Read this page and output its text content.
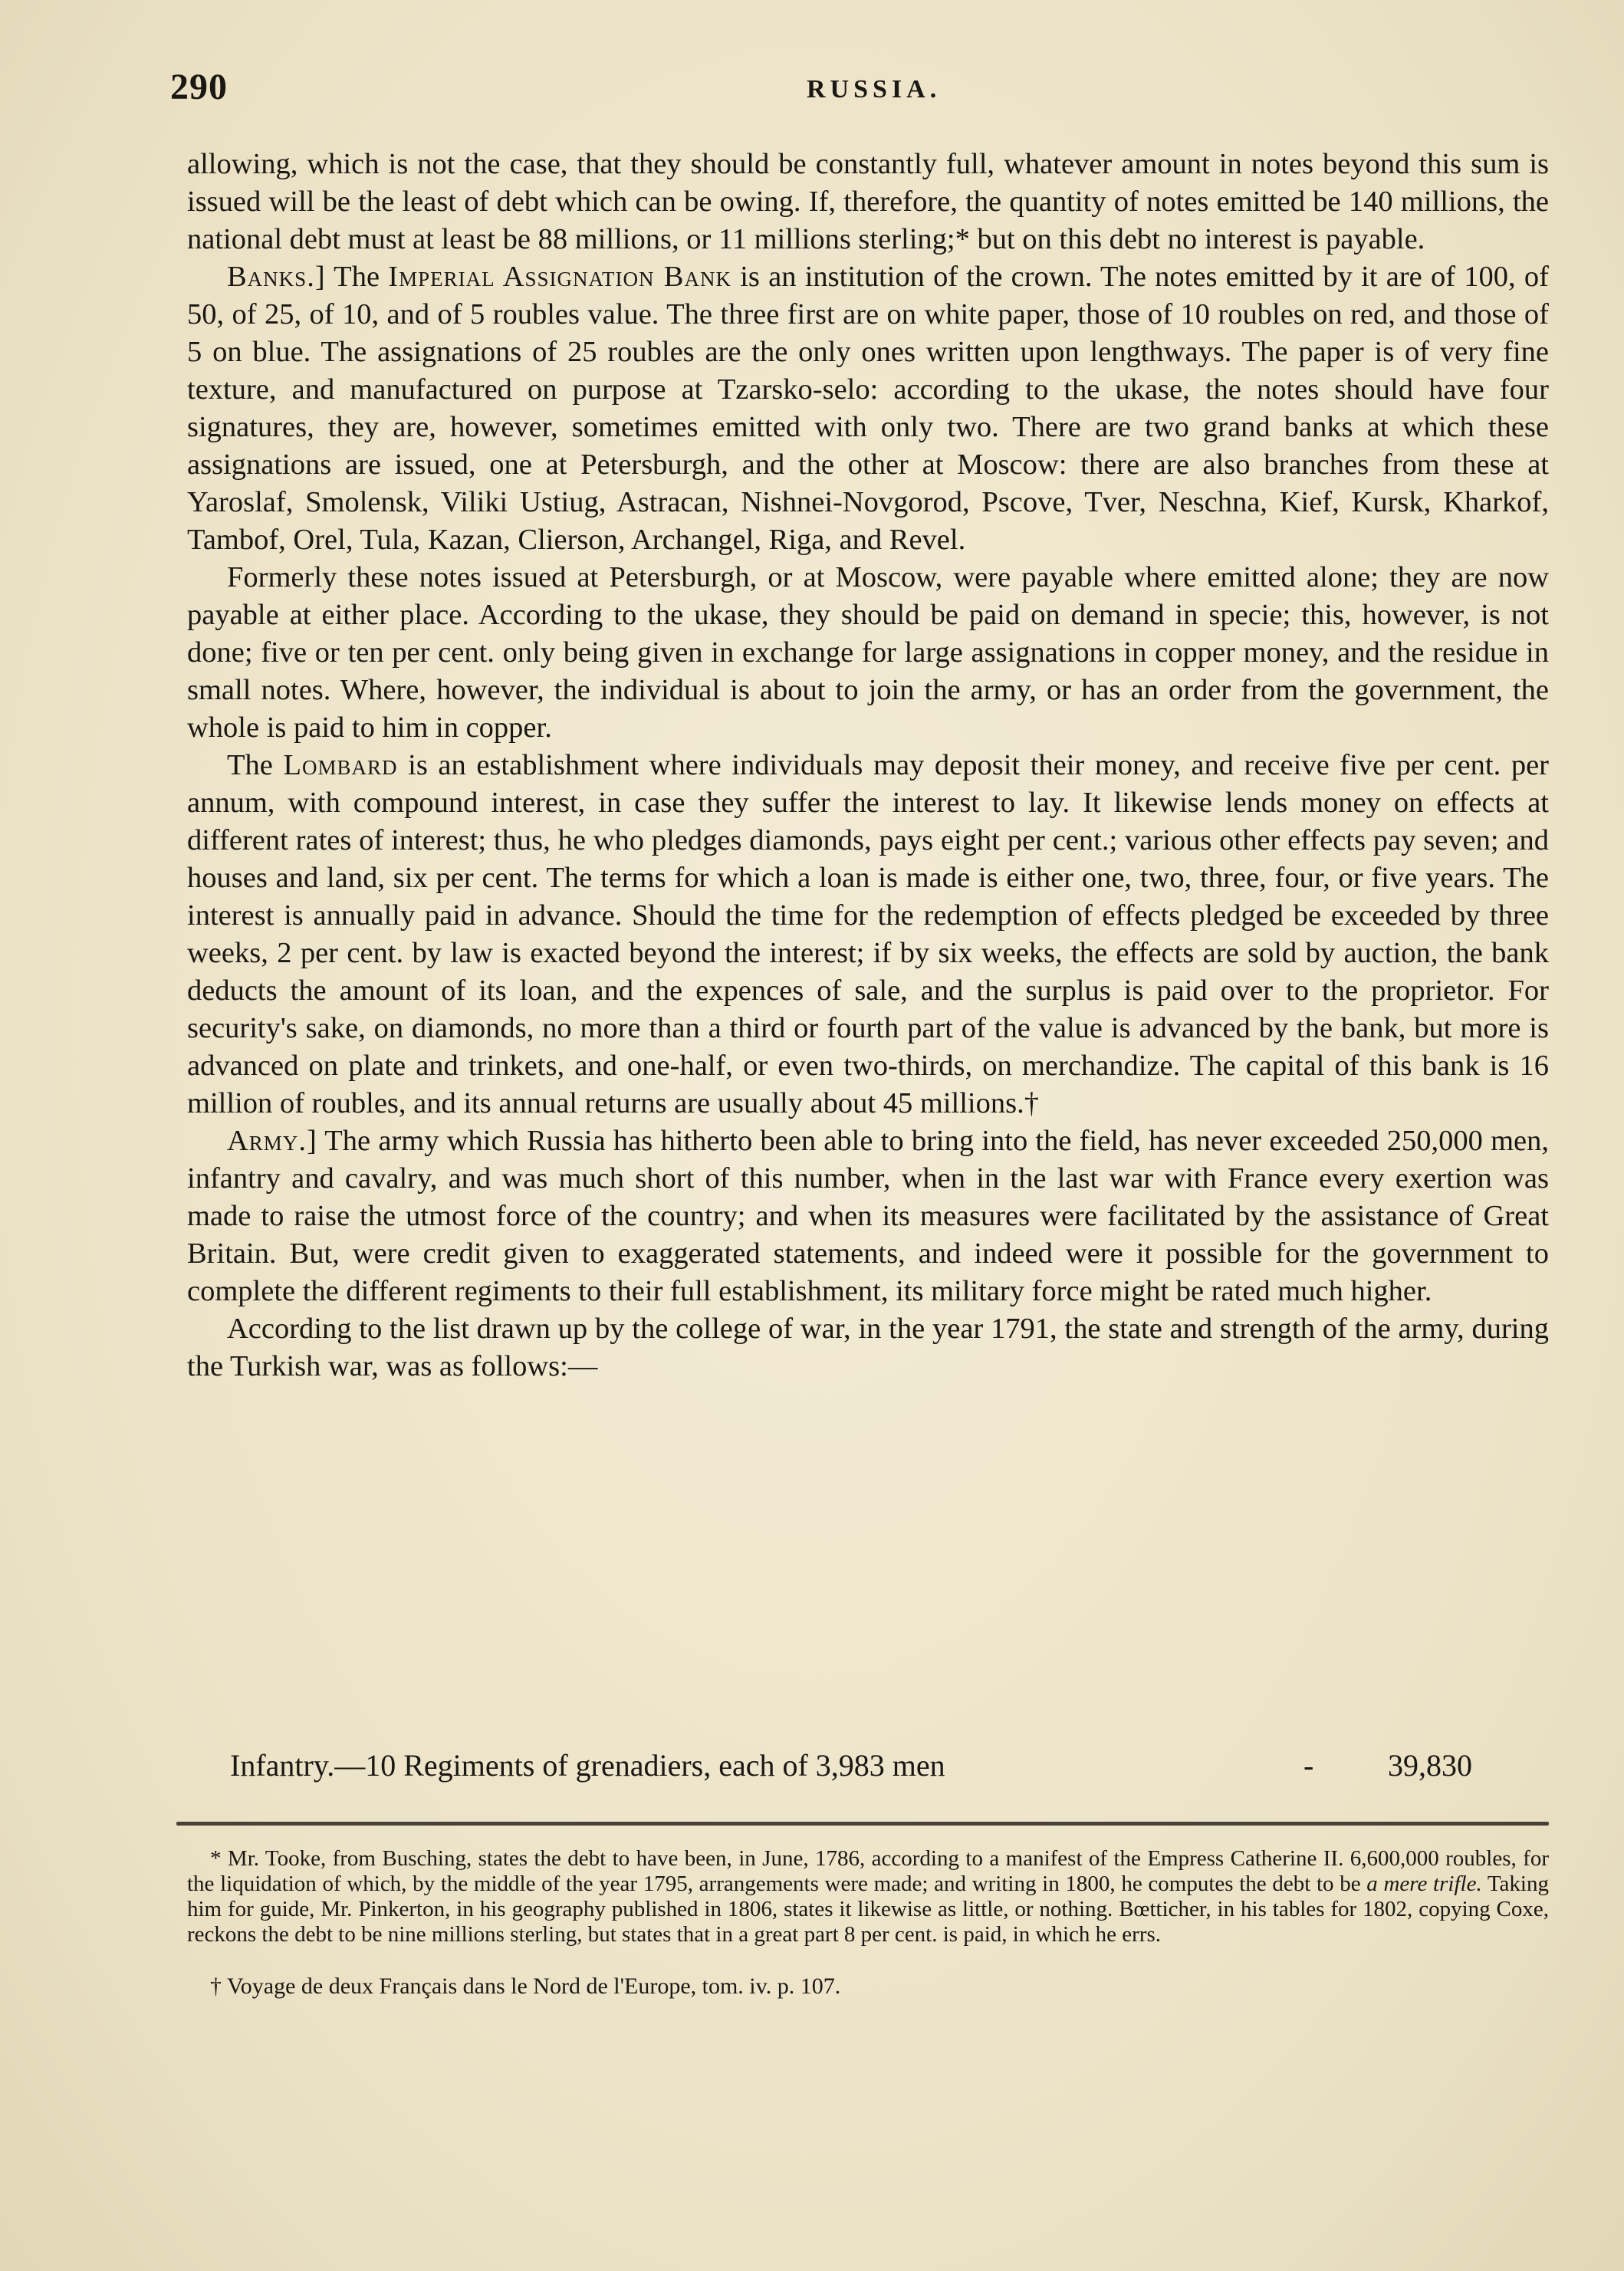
290	RUSSIA.

allowing, which is not the case, that they should be constantly full, whatever amount in notes beyond this sum is issued will be the least of debt which can be owing. If, therefore, the quantity of notes emitted be 140 millions, the national debt must at least be 88 millions, or 11 millions sterling;* but on this debt no interest is payable.

Banks.] The Imperial Assignation Bank is an institution of the crown. The notes emitted by it are of 100, of 50, of 25, of 10, and of 5 roubles value. The three first are on white paper, those of 10 roubles on red, and those of 5 on blue. The assignations of 25 roubles are the only ones written upon lengthways. The paper is of very fine texture, and manufactured on purpose at Tzarsko-selo: according to the ukase, the notes should have four signatures, they are, however, sometimes emitted with only two. There are two grand banks at which these assignations are issued, one at Petersburgh, and the other at Moscow: there are also branches from these at Yaroslaf, Smolensk, Viliki Ustiug, Astracan, Nishnei-Novgorod, Pscove, Tver, Neschna, Kief, Kursk, Kharkof, Tambof, Orel, Tula, Kazan, Clierson, Archangel, Riga, and Revel.

Formerly these notes issued at Petersburgh, or at Moscow, were payable where emitted alone; they are now payable at either place. According to the ukase, they should be paid on demand in specie; this, however, is not done; five or ten per cent. only being given in exchange for large assignations in copper money, and the residue in small notes. Where, however, the individual is about to join the army, or has an order from the government, the whole is paid to him in copper.

The Lombard is an establishment where individuals may deposit their money, and receive five per cent. per annum, with compound interest, in case they suffer the interest to lay. It likewise lends money on effects at different rates of interest; thus, he who pledges diamonds, pays eight per cent.; various other effects pay seven; and houses and land, six per cent. The terms for which a loan is made is either one, two, three, four, or five years. The interest is annually paid in advance. Should the time for the redemption of effects pledged be exceeded by three weeks, 2 per cent. by law is exacted beyond the interest; if by six weeks, the effects are sold by auction, the bank deducts the amount of its loan, and the expences of sale, and the surplus is paid over to the proprietor. For security's sake, on diamonds, no more than a third or fourth part of the value is advanced by the bank, but more is advanced on plate and trinkets, and one-half, or even two-thirds, on merchandize. The capital of this bank is 16 million of roubles, and its annual returns are usually about 45 millions.†

Army.] The army which Russia has hitherto been able to bring into the field, has never exceeded 250,000 men, infantry and cavalry, and was much short of this number, when in the last war with France every exertion was made to raise the utmost force of the country; and when its measures were facilitated by the assistance of Great Britain. But, were credit given to exaggerated statements, and indeed were it possible for the government to complete the different regiments to their full establishment, its military force might be rated much higher.

According to the list drawn up by the college of war, in the year 1791, the state and strength of the army, during the Turkish war, was as follows:—

Infantry.—10 Regiments of grenadiers, each of 3,983 men	- 39,830

* Mr. Tooke, from Busching, states the debt to have been, in June, 1786, according to a manifest of the Empress Catherine II. 6,600,000 roubles, for the liquidation of which, by the middle of the year 1795, arrangements were made; and writing in 1800, he computes the debt to be a mere trifle. Taking him for guide, Mr. Pinkerton, in his geography published in 1806, states it likewise as little, or nothing. Bœtticher, in his tables for 1802, copying Coxe, reckons the debt to be nine millions sterling, but states that in a great part 8 per cent. is paid, in which he errs.

† Voyage de deux Français dans le Nord de l'Europe, tom. iv. p. 107.
